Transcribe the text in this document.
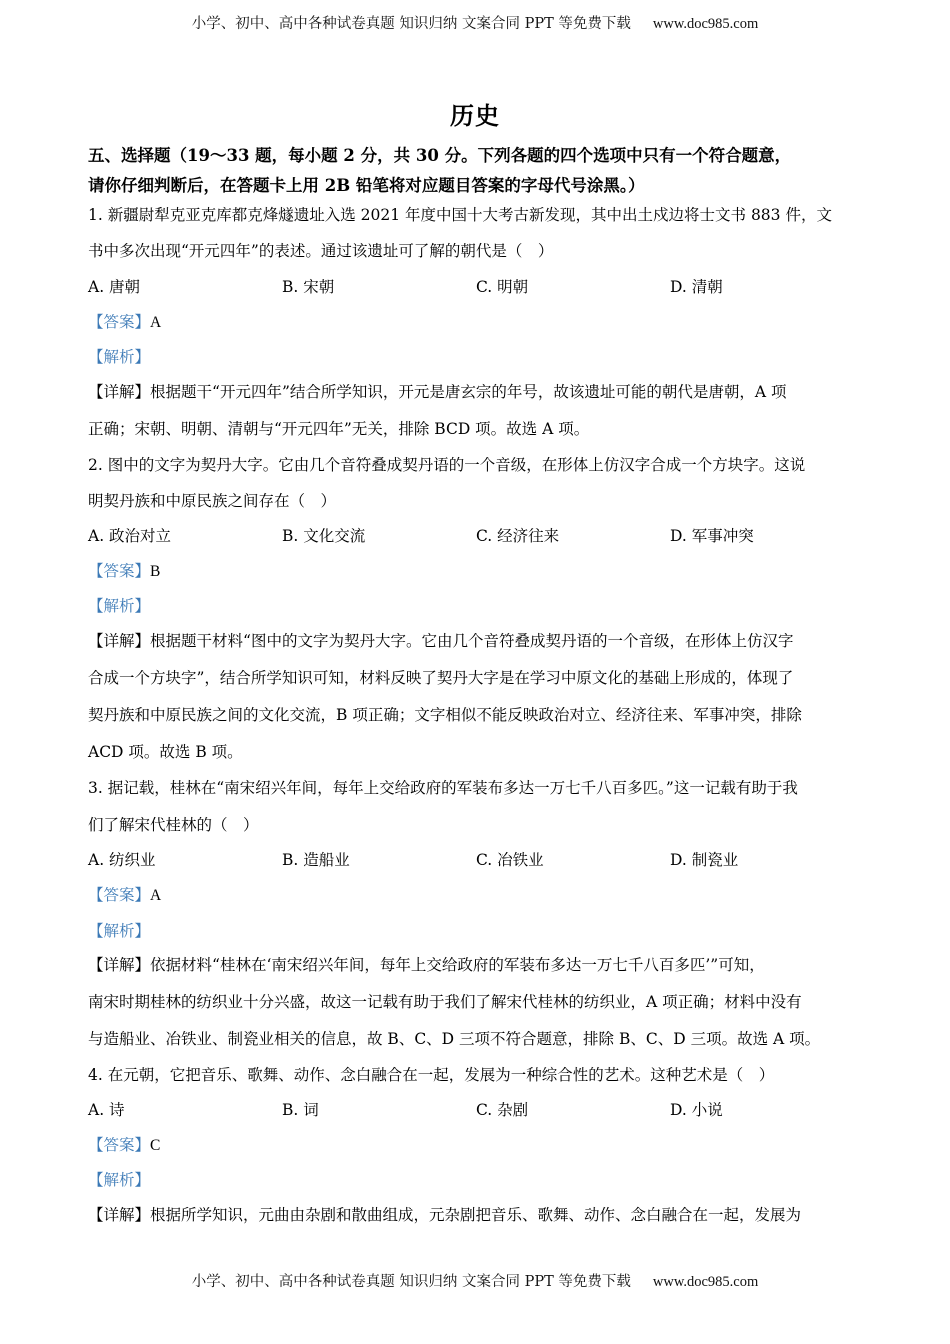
小学、初中、高中各种试卷真题 知识归纳 文案合同 PPT 等免费下载 www.doc985.com
历史
五、选择题（19～33 题，每小题 2 分，共 30 分。下列各题的四个选项中只有一个符合题意，
请你仔细判断后，在答题卡上用 2B 铅笔将对应题目答案的字母代号涂黑。）
1. 新疆尉犁克亚克库都克烽燧遗址入选 2021 年度中国十大考古新发现，其中出土戍边将士文书 883 件，文
书中多次出现“开元四年”的表述。通过该遗址可了解的朝代是（　）
A. 唐朝	B. 宋朝	C. 明朝	D. 清朝
【答案】A
【解析】
【详解】根据题干“开元四年”结合所学知识，开元是唐玄宗的年号，故该遗址可能的朝代是唐朝，A 项
正确；宋朝、明朝、清朝与“开元四年”无关，排除 BCD 项。故选 A 项。
2. 图中的文字为契丹大字。它由几个音符叠成契丹语的一个音级，在形体上仿汉字合成一个方块字。这说
明契丹族和中原民族之间存在（　）
A. 政治对立	B. 文化交流	C. 经济往来	D. 军事冲突
【答案】B
【解析】
【详解】根据题干材料“图中的文字为契丹大字。它由几个音符叠成契丹语的一个音级，在形体上仿汉字
合成一个方块字”，结合所学知识可知，材料反映了契丹大字是在学习中原文化的基础上形成的，体现了
契丹族和中原民族之间的文化交流，B 项正确；文字相似不能反映政治对立、经济往来、军事冲突，排除
ACD 项。故选 B 项。
3. 据记载，桂林在“南宋绍兴年间，每年上交给政府的军装布多达一万七千八百多匹。”这一记载有助于我
们了解宋代桂林的（　）
A. 纺织业	B. 造船业	C. 冶铁业	D. 制瓷业
【答案】A
【解析】
【详解】依据材料“桂林在‘南宋绍兴年间，每年上交给政府的军装布多达一万七千八百多匹’”可知，
南宋时期桂林的纺织业十分兴盛，故这一记载有助于我们了解宋代桂林的纺织业，A 项正确；材料中没有
与造船业、冶铁业、制瓷业相关的信息，故 B、C、D 三项不符合题意，排除 B、C、D 三项。故选 A 项。
4. 在元朝，它把音乐、歌舞、动作、念白融合在一起，发展为一种综合性的艺术。这种艺术是（　）
A. 诗	B. 词	C. 杂剧	D. 小说
【答案】C
【解析】
【详解】根据所学知识，元曲由杂剧和散曲组成，元杂剧把音乐、歌舞、动作、念白融合在一起，发展为
小学、初中、高中各种试卷真题 知识归纳 文案合同 PPT 等免费下载 www.doc985.com
